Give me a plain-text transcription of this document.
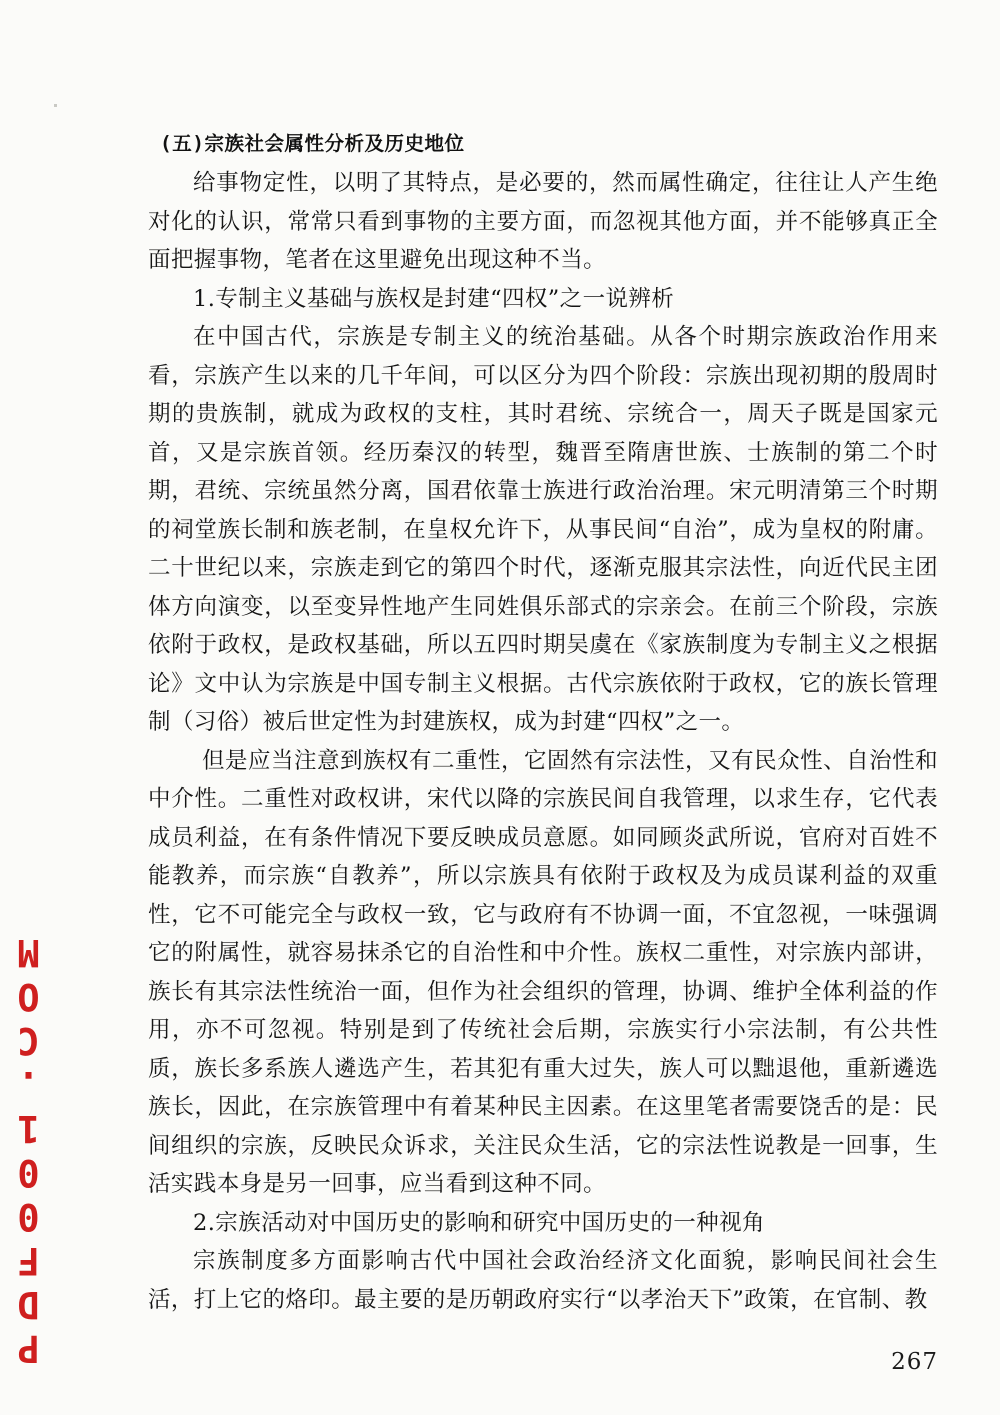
PDF001.COM
(五)宗族社会属性分析及历史地位

给事物定性，以明了其特点，是必要的，然而属性确定，往往让人产生绝对化的认识，常常只看到事物的主要方面，而忽视其他方面，并不能够真正全面把握事物，笔者在这里避免出现这种不当。

1.专制主义基础与族权是封建“四权”之一说辨析

在中国古代，宗族是专制主义的统治基础。从各个时期宗族政治作用来看，宗族产生以来的几千年间，可以区分为四个阶段：宗族出现初期的殷周时期的贵族制，就成为政权的支柱，其时君统、宗统合一，周天子既是国家元首，又是宗族首领。经历秦汉的转型，魏晋至隋唐世族、士族制的第二个时期，君统、宗统虽然分离，国君依靠士族进行政治治理。宋元明清第三个时期的祠堂族长制和族老制，在皇权允许下，从事民间“自治”，成为皇权的附庸。二十世纪以来，宗族走到它的第四个时代，逐渐克服其宗法性，向近代民主团体方向演变，以至变异性地产生同姓俱乐部式的宗亲会。在前三个阶段，宗族依附于政权，是政权基础，所以五四时期吴虞在《家族制度为专制主义之根据论》文中认为宗族是中国专制主义根据。古代宗族依附于政权，它的族长管理制（习俗）被后世定性为封建族权，成为封建“四权”之一。

但是应当注意到族权有二重性，它固然有宗法性，又有民众性、自治性和中介性。二重性对政权讲，宋代以降的宗族民间自我管理，以求生存，它代表成员利益，在有条件情况下要反映成员意愿。如同顾炎武所说，官府对百姓不能教养，而宗族“自教养”，所以宗族具有依附于政权及为成员谋利益的双重性，它不可能完全与政权一致，它与政府有不协调一面，不宜忽视，一味强调它的附属性，就容易抹杀它的自治性和中介性。族权二重性，对宗族内部讲，族长有其宗法性统治一面，但作为社会组织的管理，协调、维护全体利益的作用，亦不可忽视。特别是到了传统社会后期，宗族实行小宗法制，有公共性质，族长多系族人遴选产生，若其犯有重大过失，族人可以黜退他，重新遴选族长，因此，在宗族管理中有着某种民主因素。在这里笔者需要饶舌的是：民间组织的宗族，反映民众诉求，关注民众生活，它的宗法性说教是一回事，生活实践本身是另一回事，应当看到这种不同。

2.宗族活动对中国历史的影响和研究中国历史的一种视角

宗族制度多方面影响古代中国社会政治经济文化面貌，影响民间社会生活，打上它的烙印。最主要的是历朝政府实行“以孝治天下”政策，在官制、教

267
